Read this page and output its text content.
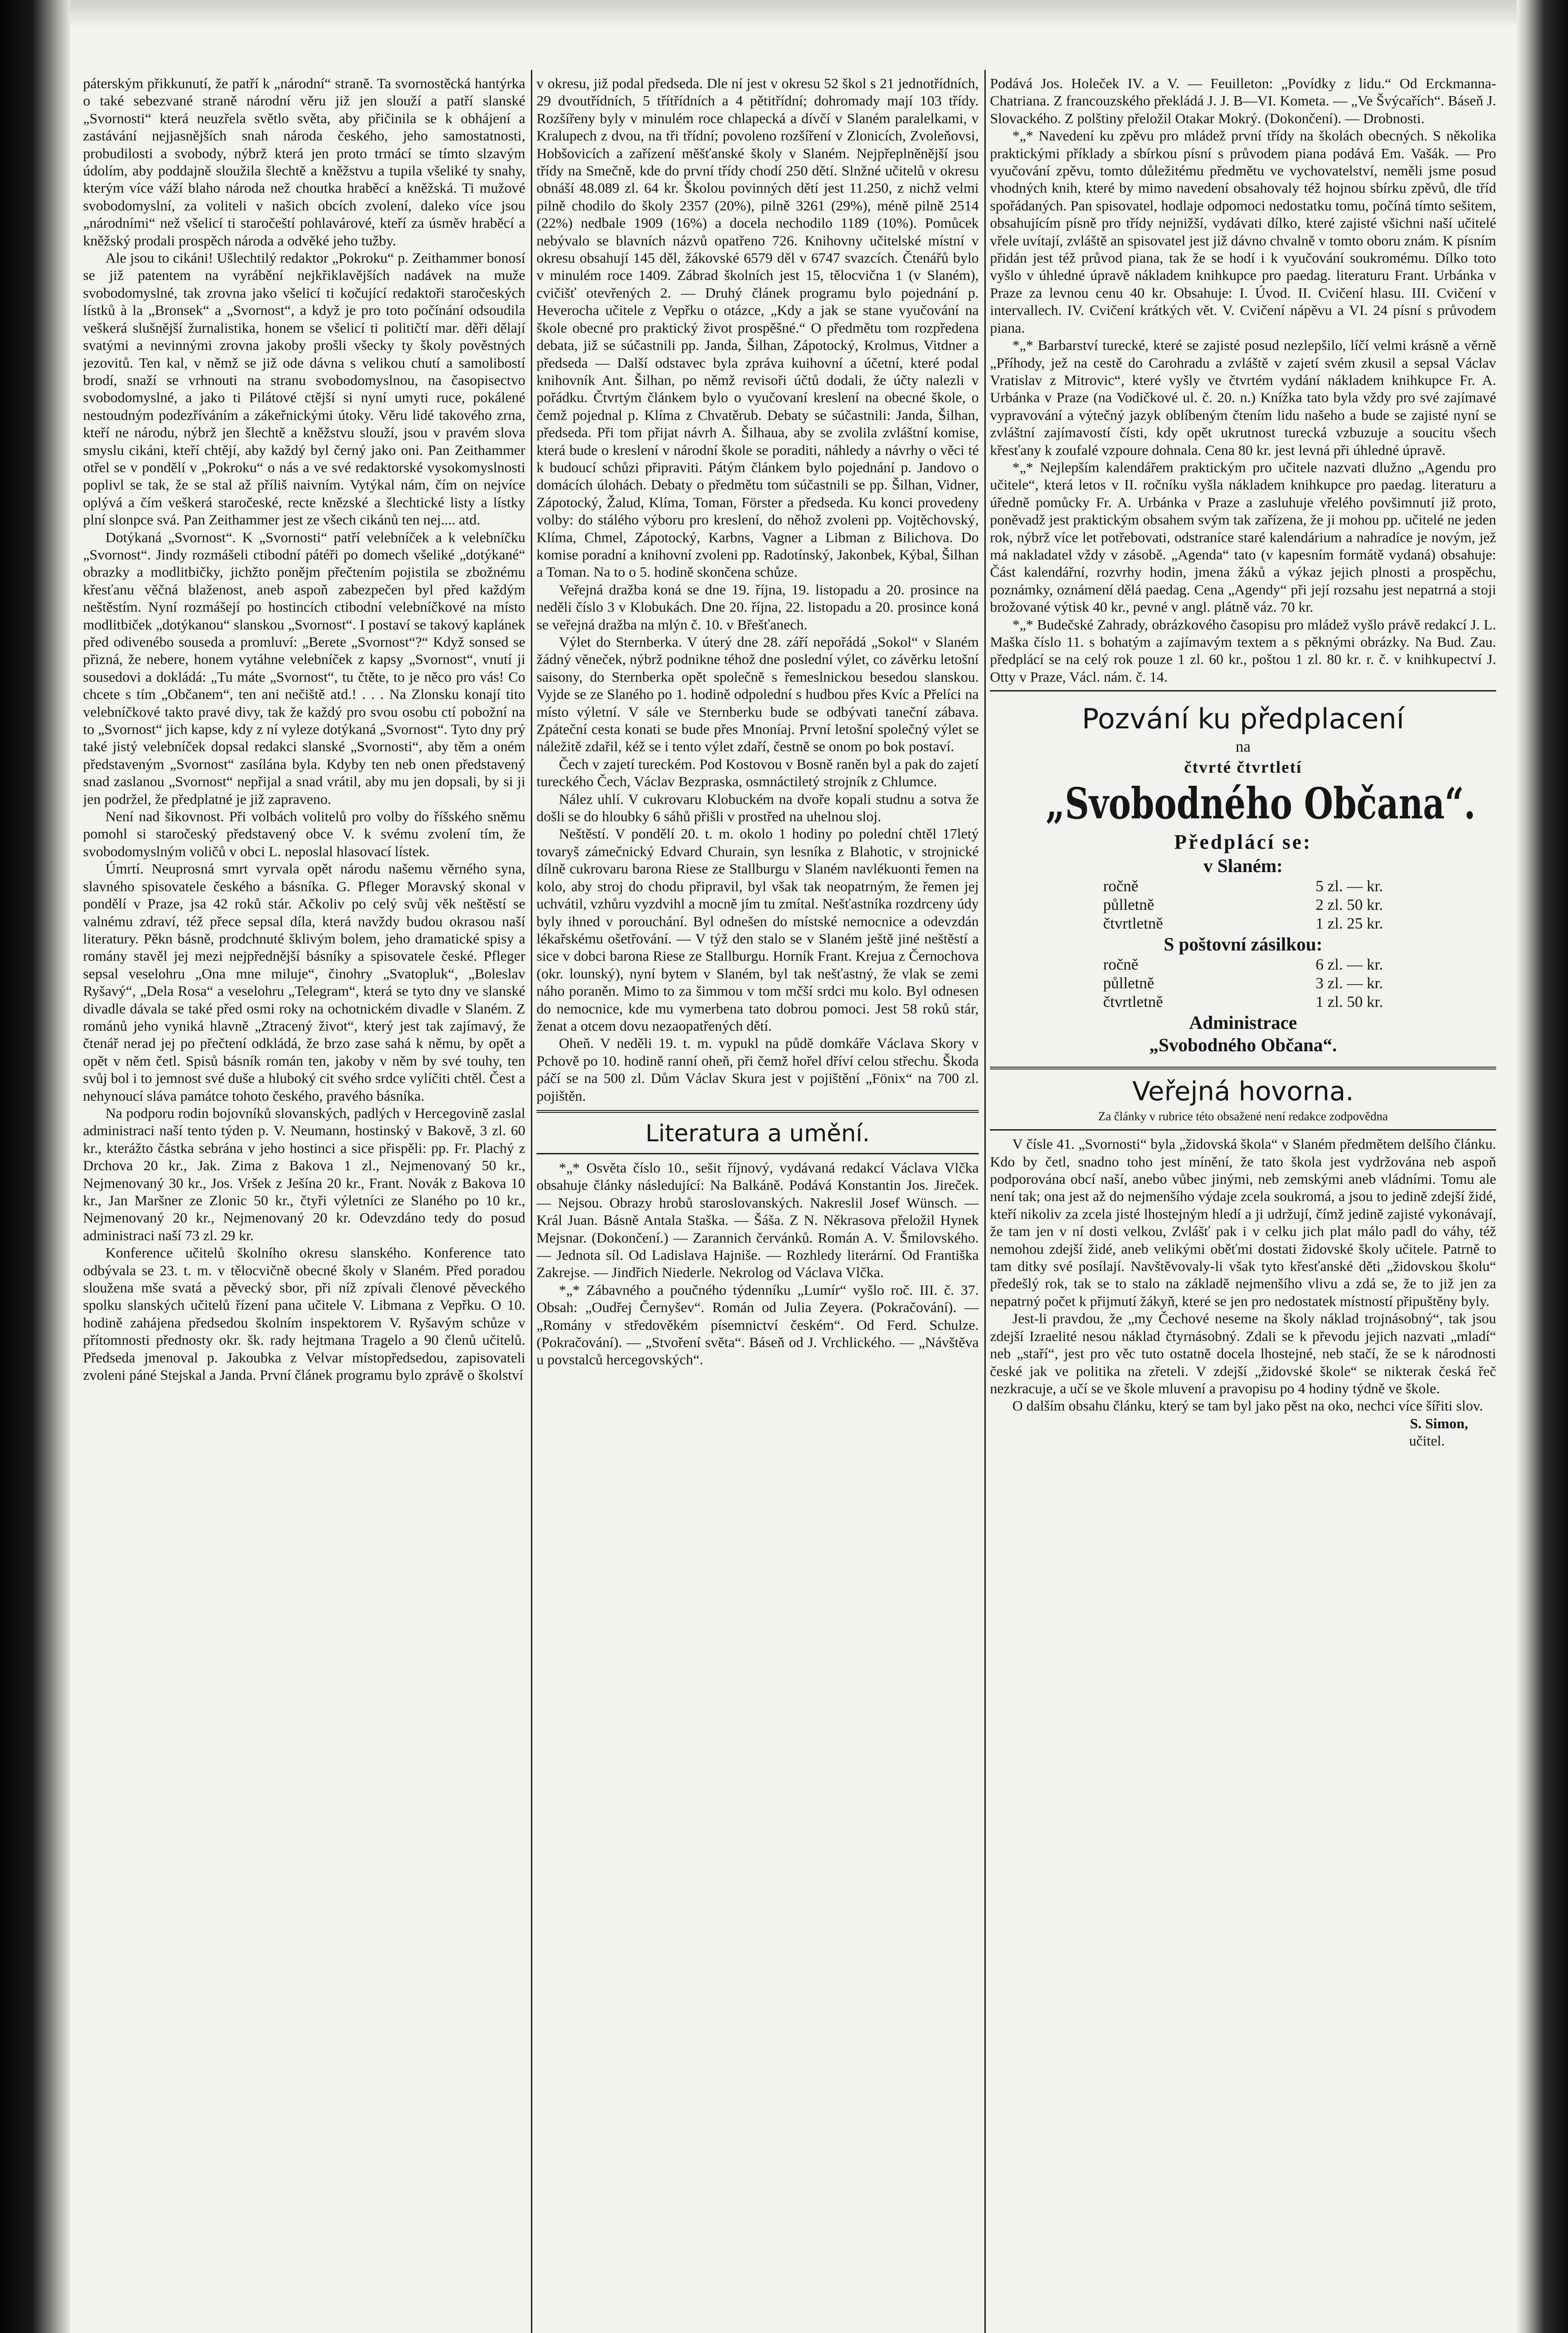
páterským přikkunutí, že patří k „národní“ straně. Ta svornostěcká hantýrka o také sebezvané straně národní věru již jen slouží a patří slanské „Svornosti“ která neuzřela světlo světa, aby přičinila se k obhájení a zastávání nejjasnějších snah národa českého, jeho samostatnosti, probudilosti a svobody, nýbrž která jen proto trmácí se tímto slzavým údolím, aby poddajně sloužila šlechtě a kněžstvu a tupila všeliké ty snahy, kterým více váží blaho národa než choutka hraběcí a kněžská. Ti mužové svobodomyslní, za voliteli v našich obcích zvolení, daleko více jsou „národními“ než všelicí ti staročeští pohlavárové, kteří za úsměv hraběcí a kněžský prodali prospěch národa a odvěké jeho tužby.

Ale jsou to cikáni! Ušlechtilý redaktor „Pokroku“ p. Zeithammer bonosí se již patentem na vyrábění nejkřiklavějších nadávek na muže svobodomyslné, tak zrovna jako všelicí ti kočující redaktoři staročeských lístků à la „Bronsek“ a „Svornost“, a když je pro toto počínání odsoudila veškerá slušnější žurnalistika, honem se všelicí ti političtí mar. děři dělají svatými a nevinnými zrovna jakoby prošli všecky ty školy pověstných jezovitů. Ten kal, v němž se již ode dávna s velikou chutí a samolibostí brodí, snaží se vrhnouti na stranu svobodomyslnou, na časopisectvo svobodomyslné, a jako ti Pilátové ctější si nyní umyti ruce, pokálené nestoudným podezříváním a zákeřnickými útoky. Věru lidé takového zrna, kteří ne národu, nýbrž jen šlechtě a kněžstvu slouží, jsou v pravém slova smyslu cikáni, kteří chtějí, aby každý byl černý jako oni. Pan Zeithammer otřel se v pondělí v „Pokroku“ o nás a ve své redaktorské vysokomyslnosti poplivl se tak, že se stal až příliš naivním. Vytýkal nám, čím on nejvíce oplývá a čím veškerá staročeské, recte knězské a šlechtické listy a lístky plní slonpce svá. Pan Zeithammer jest ze všech cikánů ten nej.... atd.

Dotýkaná „Svornost“. K „Svornosti“ patří velebníček a k velebníčku „Svornost“. Jindy rozmášeli ctibodní pátéři po domech všeliké „dotýkané“ obrazky a modlitbičky, jichžto ponějm přečtením pojistila se zbožnému křesťanu věčná blaženost, aneb aspoň zabezpečen byl před každým neštěstím. Nyní rozmášejí po hostincích ctibodní velebníčkové na místo modlitbiček „dotýkanou“ slanskou „Svornost“. I postaví se takový kaplánek před odivenébo souseda a promluví: „Berete „Svornost“?“ Když sonsed se přizná, že nebere, honem vytáhne velebníček z kapsy „Svornost“, vnutí ji sousedovi a dokládá: „Tu máte „Svornost“, tu čtěte, to je něco pro vás! Co chcete s tím „Občanem“, ten ani nečiště atd.! . . . Na Zlonsku konají tito velebníčkové takto pravé divy, tak že každý pro svou osobu ctí pobožní na to „Svornost“ jich kapse, kdy z ní vyleze dotýkaná „Svornost“. Tyto dny prý také jistý velebníček dopsal redakci slanské „Svornosti“, aby těm a oném představeným „Svornost“ zasílána byla. Kdyby ten neb onen představený snad zaslanou „Svornost“ nepřijal a snad vrátil, aby mu jen dopsali, by si ji jen podržel, že předplatné je již zapraveno.

Není nad šikovnost. Při volbách volitelů pro volby do říšského sněmu pomohl si staročeský představený obce V. k svému zvolení tím, že svobodomyslným voličů v obci L. neposlal hlasovací lístek.

Úmrtí. Neuprosná smrt vyrvala opět národu našemu věrného syna, slavného spisovatele českého a básníka. G. Pfleger Moravský skonal v pondělí v Praze, jsa 42 roků stár. Ačkoliv po celý svůj věk neštěstí se valnému zdraví, též přece sepsal díla, která navždy budou okrasou naší literatury. Pěkn básně, prodchnuté šklivým bolem, jeho dramatické spisy a romány stavěl jej mezi nejpřednější básníky a spisovatele české. Pfleger sepsal veselohru „Ona mne miluje“, činohry „Svatopluk“, „Boleslav Ryšavý“, „Dela Rosa“ a veselohru „Telegram“, která se tyto dny ve slanské divadle dávala se také před osmi roky na ochotnickém divadle v Slaném. Z románů jeho vyniká hlavně „Ztracený život“, který jest tak zajímavý, že čtenář nerad jej po přečtení odkládá, že brzo zase sahá k němu, by opět a opět v něm četl. Spisů básník román ten, jakoby v něm by své touhy, ten svůj bol i to jemnost své duše a hluboký cit svého srdce vylíčiti chtěl. Čest a nehynoucí sláva památce tohoto českého, pravého básníka.

Na podporu rodin bojovníků slovanských, padlých v Hercegovině zaslal administraci naší tento týden p. V. Neumann, hostinský v Bakově, 3 zl. 60 kr., kterážto částka sebrána v jeho hostinci a sice přispěli: pp. Fr. Plachý z Drchova 20 kr., Jak. Zima z Bakova 1 zl., Nejmenovaný 50 kr., Nejmenovaný 30 kr., Jos. Vršek z Ješína 20 kr., Frant. Novák z Bakova 10 kr., Jan Maršner ze Zlonic 50 kr., čtyři výletníci ze Slaného po 10 kr., Nejmenovaný 20 kr., Nejmenovaný 20 kr. Odevzdáno tedy do posud administraci naší 73 zl. 29 kr.

Konference učitelů školního okresu slanského. Konference tato odbývala se 23. t. m. v tělocvičně obecné školy v Slaném. Před poradou sloužena mše svatá a pěvecký sbor, při níž zpívali členové pěveckého spolku slanských učitelů řízení pana učitele V. Libmana z Vepřku. O 10. hodině zahájena předsedou školním inspektorem V. Ryšavým schůze v přítomnosti přednosty okr. šk. rady hejtmana Tragelo a 90 členů učitelů. Předseda jmenoval p. Jakoubka z Velvar místopředsedou, zapisovateli zvoleni páné Stejskal a Janda. První článek programu bylo zprávě o školství

v okresu, již podal předseda. Dle ní jest v okresu 52 škol s 21 jednotřídních, 29 dvoutřídních, 5 třítřídních a 4 pětitřídní; dohromady mají 103 třídy. Rozšířeny byly v minulém roce chlapecká a dívčí v Slaném paralelkami, v Kralupech z dvou, na tři třídní; povoleno rozšíření v Zlonicích, Zvoleňovsi, Hobšovicích a zařízení měšťanské školy v Slaném. Nejpřeplněnější jsou třídy na Smečně, kde do první třídy chodí 250 dětí. Slnžné učitelů v okresu obnáší 48.089 zl. 64 kr. Školou povinných dětí jest 11.250, z nichž velmi pilně chodilo do školy 2357 (20%), pilně 3261 (29%), méně pilně 2514 (22%) nedbale 1909 (16%) a docela nechodilo 1189 (10%). Pomůcek nebývalo se blavních názvů opatřeno 726. Knihovny učitelské místní v okresu obsahují 145 děl, žákovské 6579 děl v 6747 svazcích. Čtenářů bylo v minulém roce 1409. Zábrad školních jest 15, tělocvična 1 (v Slaném), cvičišť otevřených 2. — Druhý článek programu bylo pojednání p. Heverocha učitele z Vepřku o otázce, „Kdy a jak se stane vyučování na škole obecné pro praktický život prospěšné.“ O předmětu tom rozpředena debata, již se súčastnili pp. Janda, Šilhan, Zápotocký, Krolmus, Vitdner a předseda — Další odstavec byla zpráva kuihovní a účetní, které podal knihovník Ant. Šilhan, po němž revisoři účtů dodali, že účty nalezli v pořádku. Čtvrtým článkem bylo o vyučovaní kreslení na obecné škole, o čemž pojednal p. Klíma z Chvatěrub. Debaty se súčastnili: Janda, Šilhan, předseda. Při tom přijat návrh A. Šilhaua, aby se zvolila zvláštní komise, která bude o kreslení v národní škole se poraditi, náhledy a návrhy o věci té k budoucí schůzi připraviti. Pátým článkem bylo pojednání p. Jandovo o domácích úlohách. Debaty o předmětu tom súčastnili se pp. Šilhan, Vidner, Zápotocký, Žalud, Klíma, Toman, Förster a předseda. Ku konci provedeny volby: do stálého výboru pro kreslení, do něhož zvoleni pp. Vojtěchovský, Klíma, Chmel, Zápotocký, Karbns, Vagner a Libman z Bilichova. Do komise poradní a knihovní zvoleni pp. Radotínský, Jakonbek, Kýbal, Šilhan a Toman. Na to o 5. hodině skončena schůze.

Veřejná dražba koná se dne 19. října, 19. listopadu a 20. prosince na neděli číslo 3 v Klobukách. Dne 20. října, 22. listopadu a 20. prosince koná se veřejná dražba na mlýn č. 10. v Břešťanech.

Výlet do Sternberka. V úterý dne 28. září nepořádá „Sokol“ v Slaném žádný věneček, nýbrž podnikne téhož dne poslední výlet, co závěrku letošní saisony, do Sternberka opět společně s řemeslnickou besedou slanskou. Vyjde se ze Slaného po 1. hodině odpolední s hudbou přes Kvíc a Přelíci na místo výletní. V sále ve Sternberku bude se odbývati taneční zábava. Zpáteční cesta konati se bude přes Mnoníaj. První letošní společný výlet se náležitě zdařil, kéž se i tento výlet zdaří, čestně se onom po bok postaví.

Čech v zajetí tureckém. Pod Kostovou v Bosně raněn byl a pak do zajetí tureckého Čech, Václav Bezpraska, osmnáctiletý strojník z Chlumce.

Nález uhlí. V cukrovaru Klobuckém na dvoře kopali studnu a sotva že došli se do hloubky 6 sáhů přišli v prostřed na uhelnou sloj.

Neštěstí. V pondělí 20. t. m. okolo 1 hodiny po polední chtěl 17letý tovaryš zámečnický Edvard Churain, syn lesníka z Blahotic, v strojnické dílně cukrovaru barona Riese ze Stallburgu v Slaném navlékuonti řemen na kolo, aby stroj do chodu připravil, byl však tak neopatrným, že řemen jej uchvátil, vzhůru vyzdvihl a mocně jím tu zmítal. Nešťastníka rozdrceny údy byly ihned v porouchání. Byl odnešen do místské nemocnice a odevzdán lékařskému ošetřování. — V týž den stalo se v Slaném ještě jiné neštěstí a sice v dobci barona Riese ze Stallburgu. Horník Frant. Krejua z Černochova (okr. lounský), nyní bytem v Slaném, byl tak nešťastný, že vlak se zemi náho poraněn. Mimo to za šimmou v tom mčší srdci mu kolo. Byl odnesen do nemocnice, kde mu vymerbena tato dobrou pomoci. Jest 58 roků stár, ženat a otcem dovu nezaopatřených dětí.

Oheň. V neděli 19. t. m. vypukl na půdě domkáře Václava Skory v Pchově po 10. hodině ranní oheň, při čemž hořel dříví celou střechu. Škoda páčí se na 500 zl. Dům Václav Skura jest v pojištění „Fönix“ na 700 zl. pojištěn.

Literatura a umění.

*„* Osvěta číslo 10., sešit říjnový, vydávaná redakcí Václava Vlčka obsahuje články následující: Na Balkáně. Podává Konstantin Jos. Jireček. — Nejsou. Obrazy hrobů staroslovanských. Nakreslil Josef Wünsch. — Král Juan. Básně Antala Staška. — Šáša. Z N. Někrasova přeložil Hynek Mejsnar. (Dokončení.) — Zarannich červánků. Román A. V. Šmilovského. — Jednota síl. Od Ladislava Hajniše. — Rozhledy literární. Od Františka Zakrejse. — Jindřich Niederle. Nekrolog od Václava Vlčka.

*„* Zábavného a poučného týdenníku „Lumír“ vyšlo roč. III. č. 37. Obsah: „Oudřej Černyšev“. Román od Julia Zeyera. (Pokračování). — „Romány v středověkém písemnictví českém“. Od Ferd. Schulze. (Pokračování). — „Stvoření světa“. Báseň od J. Vrchlického. — „Návštěva u povstalců hercegovských“.

Podává Jos. Holeček IV. a V. — Feuilleton: „Povídky z lidu.“ Od Erckmanna-Chatriana. Z francouzského překládá J. J. B—VI. Kometa. — „Ve Švýcařích“. Báseň J. Slovackého. Z polštiny přeložil Otakar Mokrý. (Dokončení). — Drobnosti.

*„* Navedení ku zpěvu pro mládež první třídy na školách obecných. S několika praktickými příklady a sbírkou písní s průvodem piana podává Em. Vašák. — Pro vyučování zpěvu, tomto důležitému předmětu ve vychovatelství, neměli jsme posud vhodných knih, které by mimo navedení obsahovaly též hojnou sbírku zpěvů, dle tříd spořádaných. Pan spisovatel, hodlaje odpomoci nedostatku tomu, počíná tímto sešitem, obsahujícím písně pro třídy nejnižší, vydávati dílko, které zajisté všichni naší učitelé vřele uvítají, zvláště an spisovatel jest již dávno chvalně v tomto oboru znám. K písním přidán jest též průvod piana, tak že se hodí i k vyučování soukromému. Dílko toto vyšlo v úhledné úpravě nákladem knihkupce pro paedag. literaturu Frant. Urbánka v Praze za levnou cenu 40 kr. Obsahuje: I. Úvod. II. Cvičení hlasu. III. Cvičení v intervallech. IV. Cvičení krátkých vět. V. Cvičení nápěvu a VI. 24 písní s průvodem piana.

*„* Barbarství turecké, které se zajisté posud nezlepšilo, líčí velmi krásně a věrně „Příhody, jež na cestě do Carohradu a zvláště v zajetí svém zkusil a sepsal Václav Vratislav z Mitrovic“, které vyšly ve čtvrtém vydání nákladem knihkupce Fr. A. Urbánka v Praze (na Vodičkové ul. č. 20. n.) Knížka tato byla vždy pro své zajímavé vypravování a výtečný jazyk oblíbeným čtením lidu našeho a bude se zajisté nyní se zvláštní zajímavostí čísti, kdy opět ukrutnost turecká vzbuzuje a soucitu všech křesťany k zoufalé vzpoure dohnala. Cena 80 kr. jest levná při úhledné úpravě.

*„* Nejlepším kalendářem praktickým pro učitele nazvati dlužno „Agendu pro učitele“, která letos v II. ročníku vyšla nákladem knihkupce pro paedag. literaturu a úředně pomůcky Fr. A. Urbánka v Praze a zasluhuje vřelého povšimnutí již proto, poněvadž jest praktickým obsahem svým tak zařízena, že ji mohou pp. učitelé ne jeden rok, nýbrž více let potřebovati, odstraníce staré kalendárium a nahradíce je novým, jež má nakladatel vždy v zásobě. „Agenda“ tato (v kapesním formátě vydaná) obsahuje: Část kalendářní, rozvrhy hodin, jmena žáků a výkaz jejich plnosti a prospěchu, poznámky, oznámení dělá paedag. Cena „Agendy“ při její rozsahu jest nepatrná a stoji brožované výtisk 40 kr., pevné v angl. plátně váz. 70 kr.

*„* Budečské Zahrady, obrázkového časopisu pro mládež vyšlo právě redakcí J. L. Maška číslo 11. s bohatým a zajímavým textem a s pěknými obrázky. Na Bud. Zau. předplácí se na celý rok pouze 1 zl. 60 kr., poštou 1 zl. 80 kr. r. č. v knihkupectví J. Otty v Praze, Václ. nám. č. 14.

Pozvání ku předplacení
na
čtvrté čtvrtletí
„Svobodného Občana“.
Předplácí se:
v Slaném:
ročně	5 zl. — kr.
půlletně	2 zl. 50 kr.
čtvrtletně	1 zl. 25 kr.
S poštovní zásilkou:
ročně	6 zl. — kr.
půlletně	3 zl. — kr.
čtvrtletně	1 zl. 50 kr.
Administrace
„Svobodného Občana“.
Veřejná hovorna.
Za články v rubrice této obsažené není redakce zodpovědna

V čísle 41. „Svornosti“ byla „židovská škola“ v Slaném předmětem delšího článku. Kdo by četl, snadno toho jest mínění, že tato škola jest vydržována neb aspoň podporována obcí naší, anebo vůbec jinými, neb zemskými aneb vládními. Tomu ale není tak; ona jest až do nejmenšího výdaje zcela soukromá, a jsou to jedině zdejší židé, kteří nikoliv za zcela jisté lhostejným hledí a ji udržují, čímž jedině zajisté vykonávají, že tam jen v ní dosti velkou, Zvlášť pak i v celku jich plat málo padl do váhy, též nemohou zdejší židé, aneb velikými oběťmi dostati židovské školy učitele. Patrně to tam ditky své posílají. Navštěvovaly-li však tyto křesťanské děti „židovskou školu“ předešlý rok, tak se to stalo na základě nejmenšího vlivu a zdá se, že to již jen za nepatrný počet k přijmutí žákyň, které se jen pro nedostatek místností připuštěny byly.

Jest-li pravdou, že „my Čechové neseme na školy náklad trojnásobný“, tak jsou zdejší Izraelité nesou náklad čtyrnásobný. Zdali se k převodu jejich nazvati „mladí“ neb „staří“, jest pro věc tuto ostatně docela lhostejné, neb stačí, že se k národnosti české jak ve politika na zřeteli. V zdejší „židovské škole“ se nikterak česká řeč nezkracuje, a učí se ve škole mluvení a pravopisu po 4 hodiny týdně ve škole.

O dalším obsahu článku, který se tam byl jako pěst na oko, nechci více šířiti slov.

S. Simon,
učitel.
